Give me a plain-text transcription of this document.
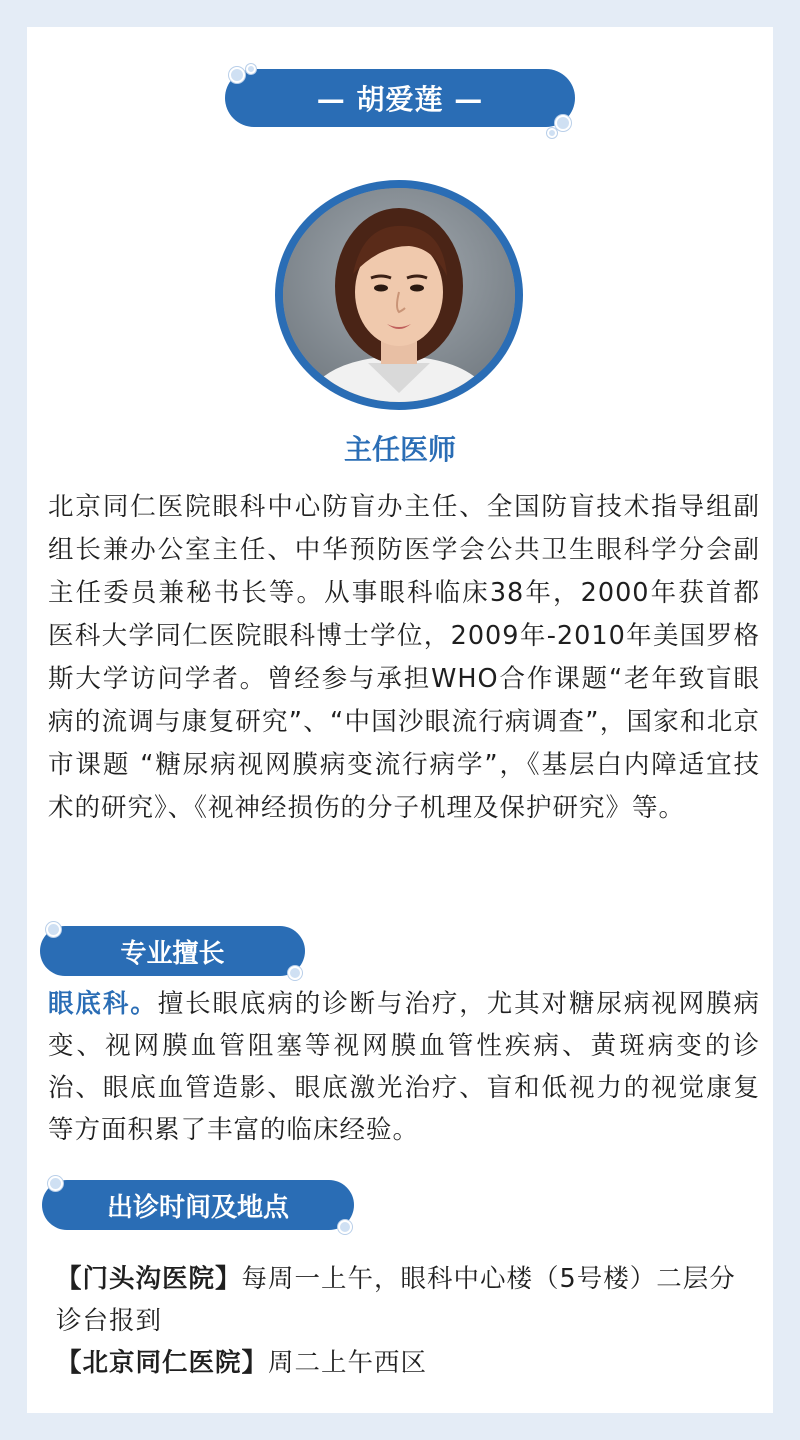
— 胡爱莲 —
主任医师
北京同仁医院眼科中心防盲办主任、全国防盲技术指导组副组长兼办公室主任、中华预防医学会公共卫生眼科学分会副主任委员兼秘书长等。从事眼科临床38年，2000年获首都医科大学同仁医院眼科博士学位，2009年-2010年美国罗格斯大学访问学者。曾经参与承担WHO合作课题“老年致盲眼病的流调与康复研究”、“中国沙眼流行病调查”，国家和北京市课题 “糖尿病视网膜病变流行病学”，《基层白内障适宜技术的研究》、《视神经损伤的分子机理及保护研究》等。
专业擅长
眼底科。擅长眼底病的诊断与治疗，尤其对糖尿病视网膜病变、视网膜血管阻塞等视网膜血管性疾病、黄斑病变的诊治、眼底血管造影、眼底激光治疗、盲和低视力的视觉康复等方面积累了丰富的临床经验。
出诊时间及地点
【门头沟医院】每周一上午，眼科中心楼（5号楼）二层分诊台报到
【北京同仁医院】周二上午西区
